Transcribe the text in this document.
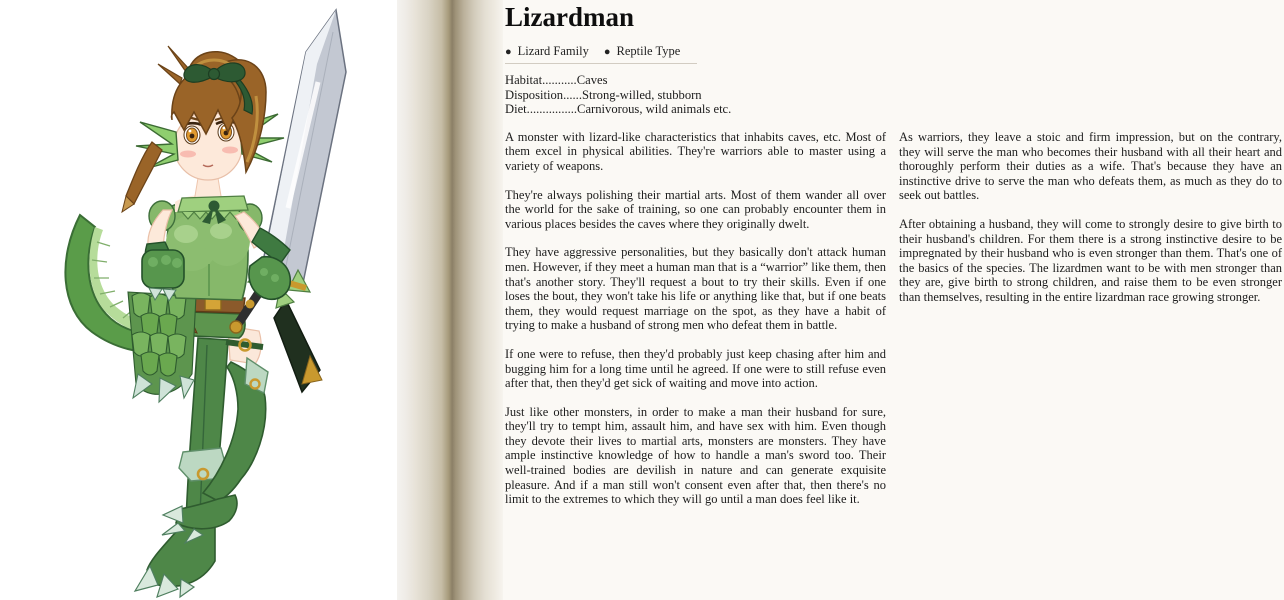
Lizardman
● Lizard Family ● Reptile Type
Habitat...........Caves
Disposition......Strong-willed, stubborn
Diet................Carnivorous, wild animals etc.

A monster with lizard-like characteristics that inhabits caves, etc. Most of them excel in physical abilities. They're warriors able to master using a variety of weapons.

They're always polishing their martial arts. Most of them wander all over the world for the sake of training, so one can probably encounter them in various places besides the caves where they originally dwelt.

They have aggressive personalities, but they basically don't attack human men. However, if they meet a human man that is a “warrior” like them, then that's another story. They'll request a bout to try their skills. Even if one loses the bout, they won't take his life or anything like that, but if one beats them, they would request marriage on the spot, as they have a habit of trying to make a husband of strong men who defeat them in battle.

If one were to refuse, then they'd probably just keep chasing after him and bugging him for a long time until he agreed. If one were to still refuse even after that, then they'd get sick of waiting and move into action.

Just like other monsters, in order to make a man their husband for sure, they'll try to tempt him, assault him, and have sex with him. Even though they devote their lives to martial arts, monsters are monsters. They have ample instinctive knowledge of how to handle a man's sword too. Their well-trained bodies are devilish in nature and can generate exquisite pleasure. And if a man still won't consent even after that, then there's no limit to the extremes to which they will go until a man does feel like it.

As warriors, they leave a stoic and firm impression, but on the contrary, they will serve the man who becomes their husband with all their heart and thoroughly perform their duties as a wife. That's because they have an instinctive drive to serve the man who defeats them, as much as they do to seek out battles.

After obtaining a husband, they will come to strongly desire to give birth to their husband's children. For them there is a strong instinctive desire to be impregnated by their husband who is even stronger than them. That's one of the basics of the species. The lizardmen want to be with men stronger than they are, give birth to strong children, and raise them to be even stronger than themselves, resulting in the entire lizardman race growing stronger.
